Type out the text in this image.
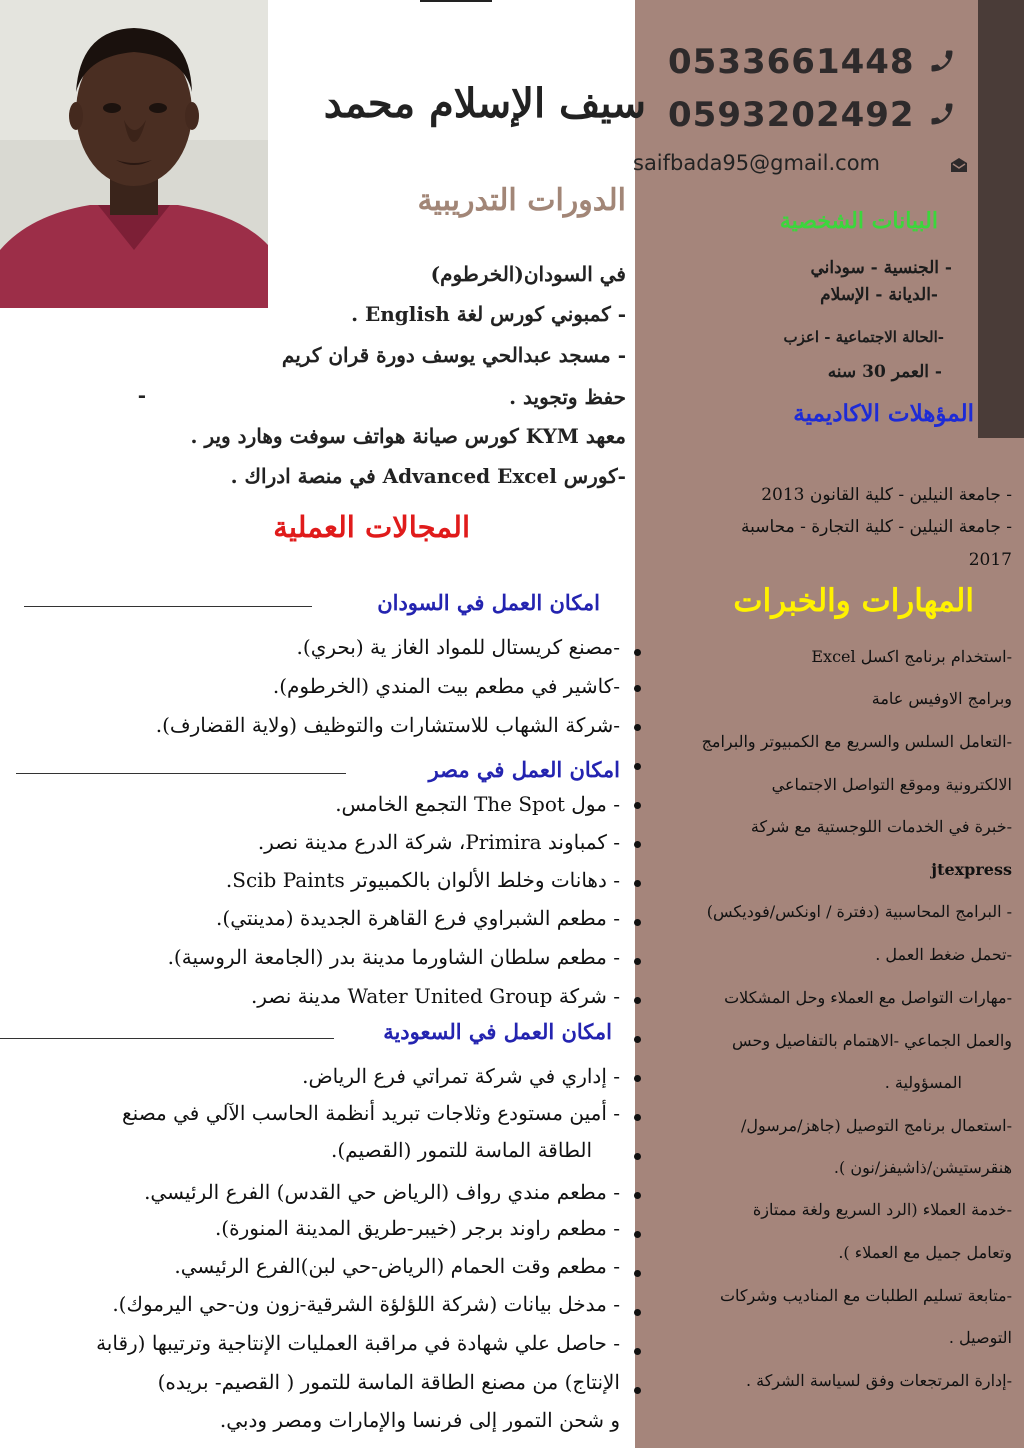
0533661448
0593202492
سيف الإسلام محمد
saifbada95@gmail.com
البيانات الشخصية
- الجنسية - سوداني
-الديانة - الإسلام
-الحالة الاجتماعية - اعزب
- العمر 30 سنه
المؤهلات الاكاديمية
- جامعة النيلين - كلية القانون 2013
- جامعة النيلين - كلية التجارة - محاسبة
2017
المهارات والخبرات
-استخدام برنامج اكسل Excel
وبرامج الاوفيس عامة
-التعامل السلس والسريع مع الكمبيوتر والبرامج
الالكترونية وموقع التواصل الاجتماعي
-خبرة في الخدمات اللوجستية مع شركة
jtexpress
- البرامج المحاسبية (دفترة / اونكس/فوديكس)
-تحمل ضغط العمل .
-مهارات التواصل مع العملاء وحل المشكلات
والعمل الجماعي -الاهتمام بالتفاصيل وحس
المسؤولية .
-استعمال برنامج التوصيل (جاهز/مرسول/
هنقرستيشن/ذاشيفز/نون ).
-خدمة العملاء (الرد السريع ولغة ممتازة
وتعامل جميل مع العملاء ).
-متابعة تسليم الطلبات مع المناديب وشركات
التوصيل .
-إدارة المرتجعات وفق لسياسة الشركة .
الدورات التدريبية
في السودان(الخرطوم)
- كمبوني كورس لغة English .
- مسجد عبدالحي يوسف دورة قران كريم
حفظ وتجويد .
-
معهد KYM كورس صيانة هواتف سوفت وهارد وير .
-كورس Advanced Excel في منصة ادراك .
المجالات العملية
امكان العمل في السودان
-مصنع كريستال للمواد الغاز ية (بحري).
-كاشير في مطعم بيت المندي (الخرطوم).
-شركة الشهاب للاستشارات والتوظيف (ولاية القضارف).
امكان العمل في مصر
- مول The Spot التجمع الخامس.
- كمباوند Primira، شركة الدرع مدينة نصر.
- دهانات وخلط الألوان بالكمبيوتر Scib Paints.
- مطعم الشبراوي فرع القاهرة الجديدة (مدينتي).
- مطعم سلطان الشاورما مدينة بدر (الجامعة الروسية).
- شركة Water United Group مدينة نصر.
امكان العمل في السعودية
- إداري في شركة تمراتي فرع الرياض.
- أمين مستودع وثلاجات تبريد أنظمة الحاسب الآلي في مصنع
الطاقة الماسة للتمور (القصيم).
- مطعم مندي رواف (الرياض حي القدس) الفرع الرئيسي.
- مطعم راوند برجر (خيبر-طريق المدينة المنورة).
- مطعم وقت الحمام (الرياض-حي لبن)الفرع الرئيسي.
- مدخل بيانات (شركة اللؤلؤة الشرقية-زون ون-حي اليرموك).
- حاصل علي شهادة في مراقبة العمليات الإنتاجية وترتيبها (رقابة
الإنتاج) من مصنع الطاقة الماسة للتمور ( القصيم- بريده)
و شحن التمور إلى فرنسا والإمارات ومصر ودبي.
